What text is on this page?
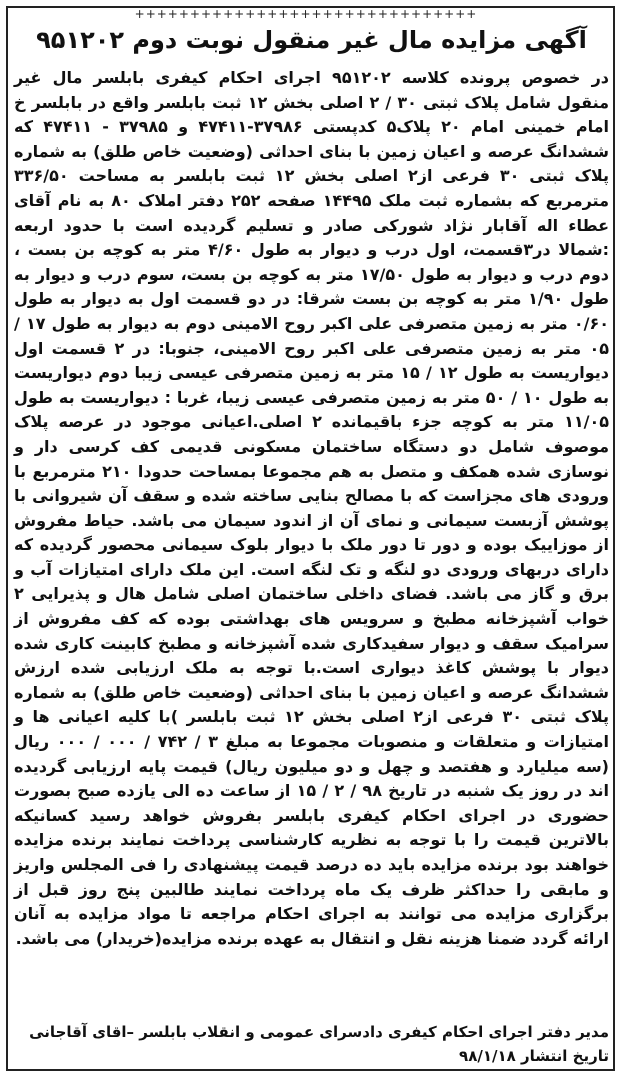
+++++++++++++++++++++++++++++++
آگهی مزایده مال غیر منقول نوبت دوم ۹۵۱۲۰۲

در خصوص پرونده کلاسه ۹۵۱۲۰۲ اجرای احکام کیفری بابلسر مال غیر منقول شامل پلاک ثبتی ۳۰ / ۲ اصلی بخش ۱۲ ثبت بابلسر واقع در بابلسر خ امام خمینی امام ۲۰ پلاک۵ کدپستی ۳۷۹۸۶-۴۷۴۱۱ و ۳۷۹۸۵ - ۴۷۴۱۱ که ششدانگ عرصه و اعیان زمین با بنای احداثی (وضعیت خاص طلق) به شماره پلاک ثبتی ۳۰ فرعی از۲ اصلی بخش ۱۲ ثبت بابلسر به مساحت ۳۳۶/۵۰ مترمربع که بشماره ثبت ملک ۱۴۴۹۵ صفحه ۲۵۲ دفتر املاک ۸۰ به نام آقای عطاء اله آقابار نژاد شورکی صادر و تسلیم گردیده است با حدود اربعه :شمالا در۳قسمت، اول درب و دیوار به طول ۴/۶۰ متر به کوچه بن بست ، دوم درب و دیوار به طول ۱۷/۵۰ متر به کوچه بن بست، سوم درب و دیوار به طول ۱/۹۰ متر به کوچه بن بست شرقا: در دو قسمت اول به دیوار به طول ۰/۶۰ متر به زمین متصرفی علی اکبر روح الامینی دوم به دیوار به طول ۱۷ / ۰۵ متر به زمین متصرفی علی اکبر روح الامینی، جنوبا: در ۲ قسمت اول دیواریست به طول ۱۲ / ۱۵ متر به زمین متصرفی عیسی زیبا دوم دیواریست به طول ۱۰ / ۵۰ متر به زمین متصرفی عیسی زیبا، غربا : دیواریست به طول ۱۱/۰۵ متر به کوچه جزء باقیمانده ۲ اصلی.اعیانی موجود در عرصه پلاک موصوف شامل دو دستگاه ساختمان مسکونی قدیمی کف کرسی دار و نوسازی شده همکف و متصل به هم مجموعا بمساحت حدودا ۲۱۰ مترمربع با ورودی های مجزاست که با مصالح بنایی ساخته شده و سقف آن شیروانی با پوشش آزبست سیمانی و نمای آن از اندود سیمان می باشد. حیاط مفروش از موزاییک بوده و دور تا دور ملک با دیوار بلوک سیمانی محصور گردیده که دارای دربهای ورودی دو لنگه و تک لنگه است. این ملک دارای امتیازات آب و برق و گاز می باشد. فضای داخلی ساختمان اصلی شامل هال و پذیرایی ۲ خواب آشپزخانه مطبخ و سرویس های بهداشتی بوده که کف مفروش از سرامیک سقف و دیوار سفیدکاری شده آشپزخانه و مطبخ کابینت کاری شده دیوار با پوشش کاغذ دیواری است.با توجه به ملک ارزیابی شده ارزش ششدانگ عرصه و اعیان زمین با بنای احداثی (وضعیت خاص طلق) به شماره پلاک ثبتی ۳۰ فرعی از۲ اصلی بخش ۱۲ ثبت بابلسر )با کلیه اعیانی ها و امتیازات و متعلقات و منصوبات مجموعا به مبلغ ۳ / ۷۴۲ / ۰۰۰ / ۰۰۰ ریال (سه میلیارد و هفتصد و چهل و دو میلیون ریال) قیمت پایه ارزیابی گردیده اند در روز یک شنبه در تاریخ ۹۸ / ۲ / ۱۵ از ساعت ده الی یازده صبح بصورت حضوری در اجرای احکام کیفری بابلسر بفروش خواهد رسید کسانیکه بالاترین قیمت را با توجه به نظریه کارشناسی پرداخت نمایند برنده مزایده خواهند بود برنده مزایده باید ده درصد قیمت پیشنهادی را فی المجلس واریز و مابقی را حداکثر ظرف یک ماه پرداخت نمایند طالبین پنج روز قبل از برگزاری مزایده می توانند به اجرای احکام مراجعه تا مواد مزایده به آنان ارائه گردد ضمنا هزینه نقل و انتقال به عهده برنده مزایده(خریدار) می باشد.

مدیر دفتر اجرای احکام کیفری دادسرای عمومی و انقلاب بابلسر –اقای آقاجانی
تاریخ انتشار ۹۸/۱/۱۸
